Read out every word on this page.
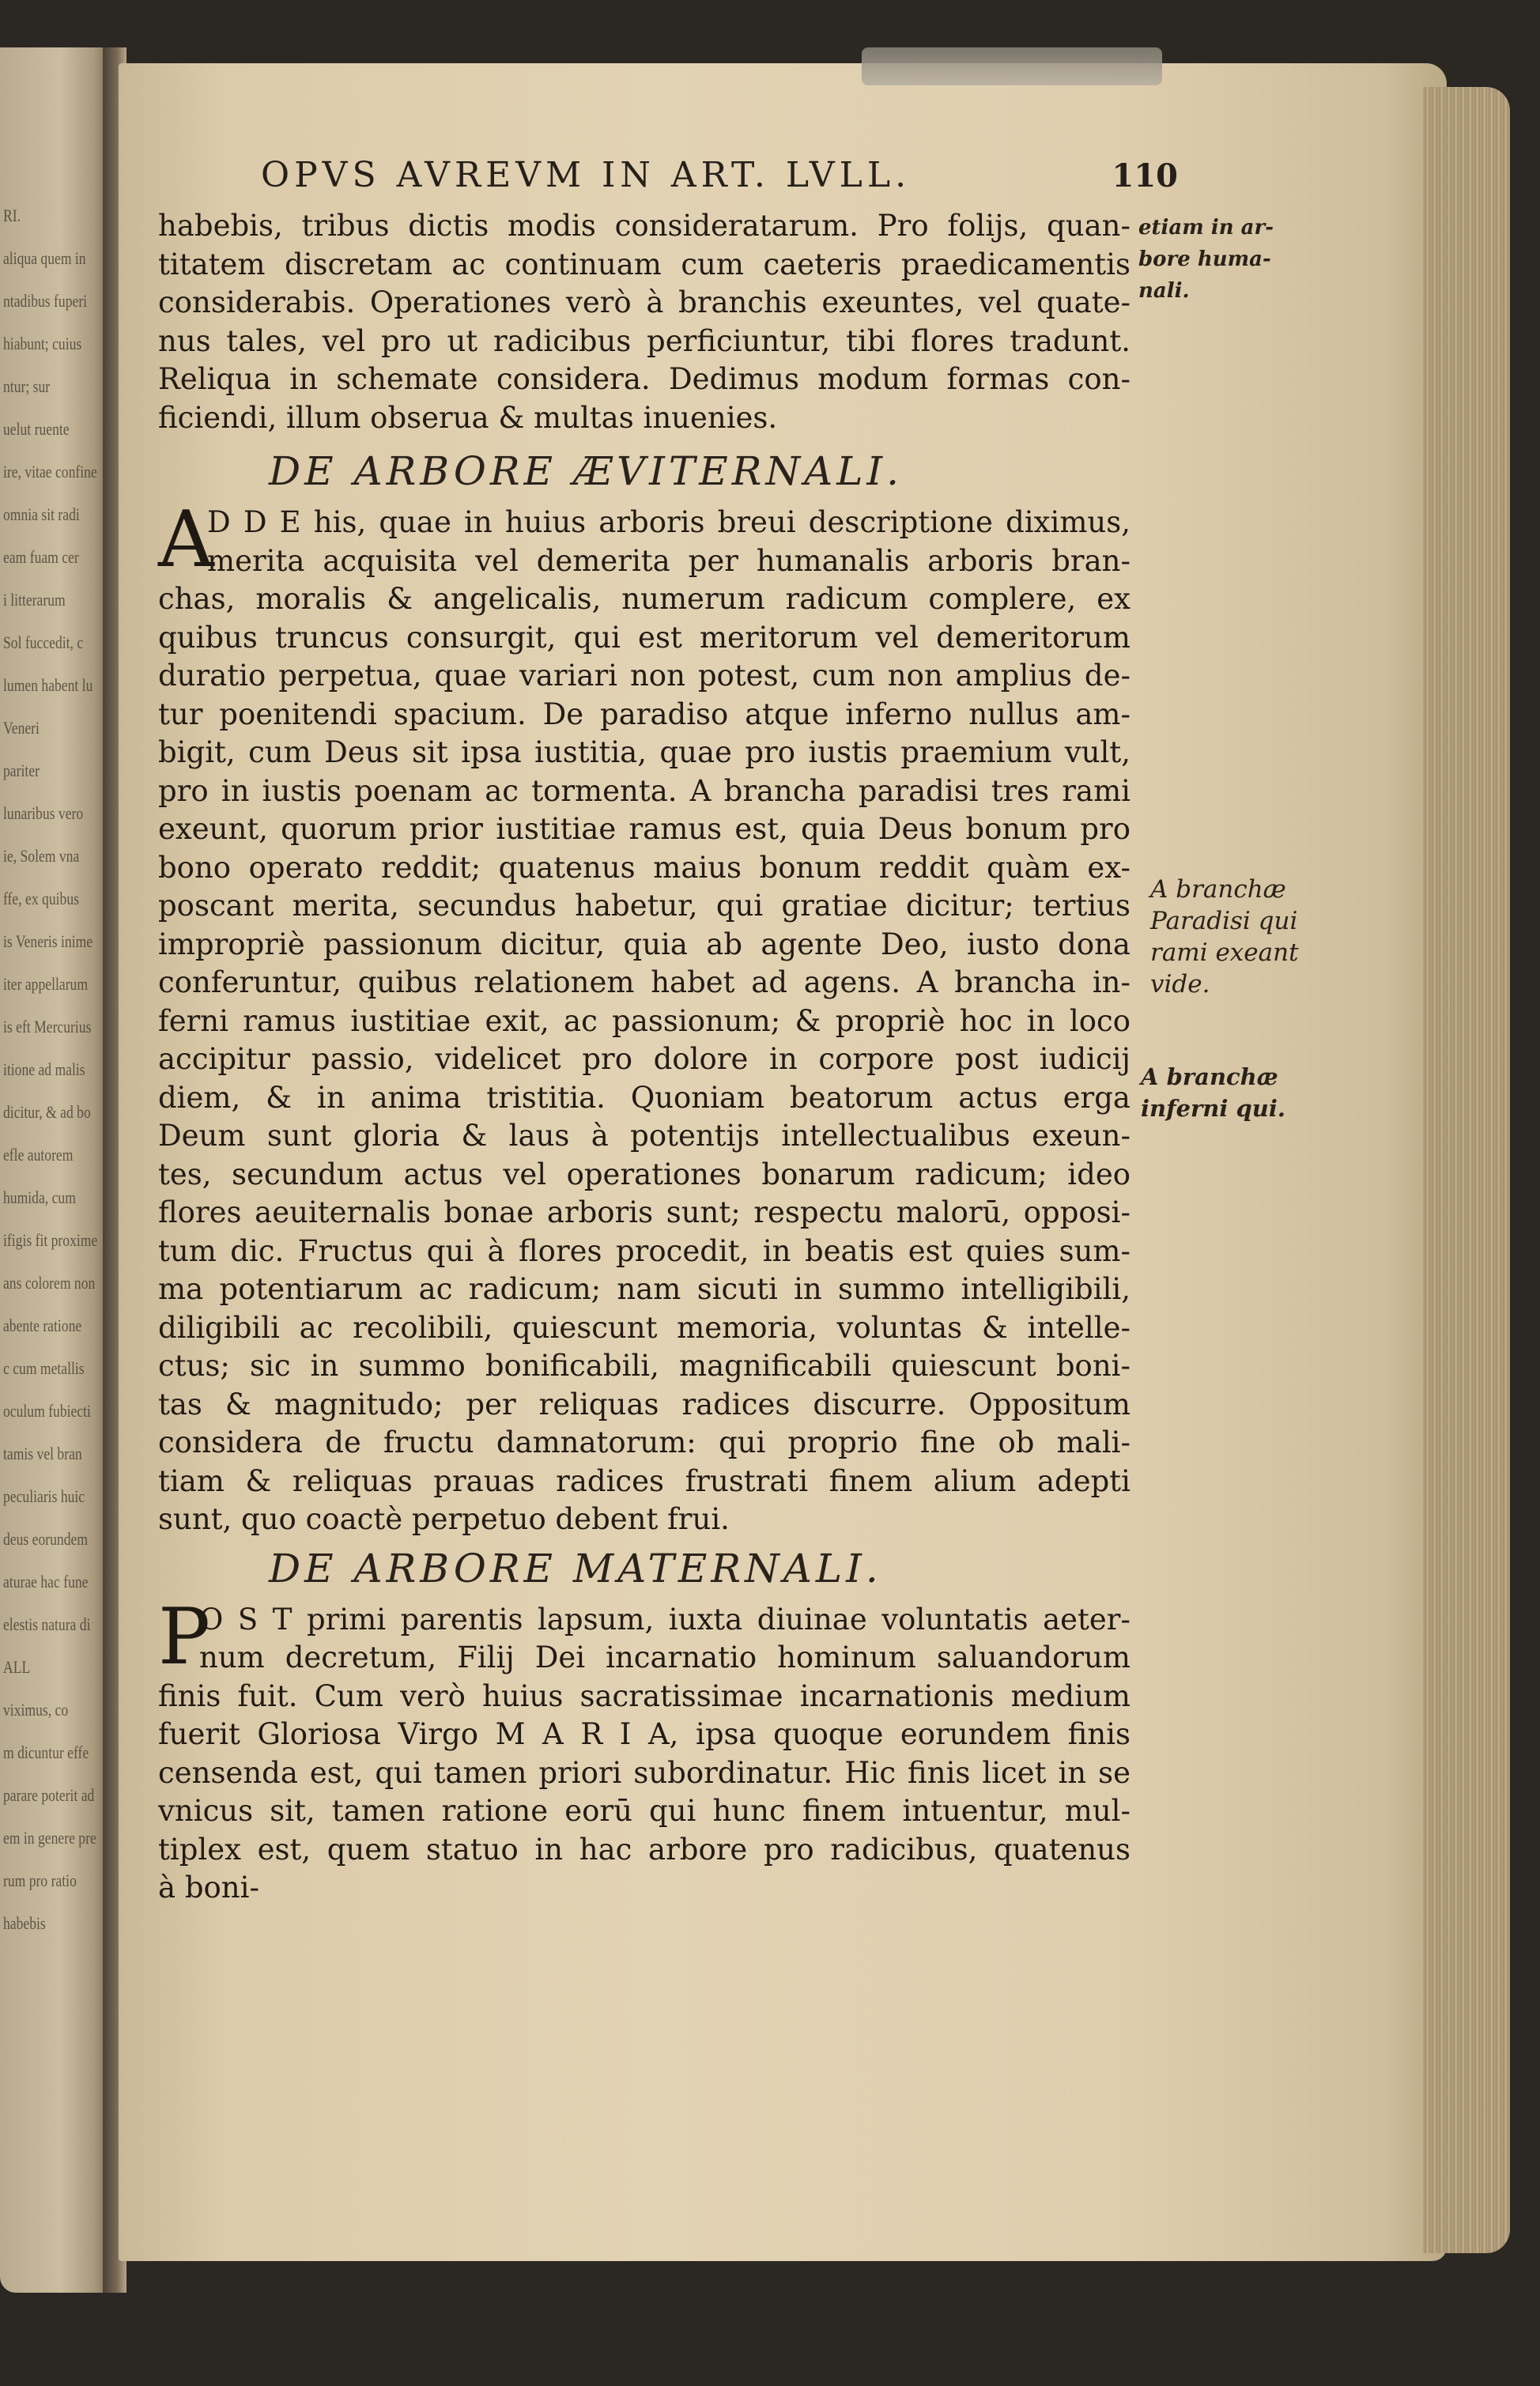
RI.
aliqua quem in
ntadibus fuperi
hiabunt; cuius
ntur; sur
uelut ruente
ire, vitae confine
omnia sit radi
eam fuam cer
i litterarum
Sol fuccedit, c
lumen habent lu
Veneri
pariter
lunaribus vero
ie, Solem vna
ffe, ex quibus
is Veneris inime
iter appellarum
is eft Mercurius
itione ad malis
dicitur, & ad bo
efle autorem
humida, cum
ifigis fit proxime
ans colorem non
abente ratione
c cum metallis
oculum fubiecti
tamis vel bran
peculiaris huic
deus eorundem
aturae hac fune
elestis natura di
ALL
viximus, co
m dicuntur effe
parare poterit ad
em in genere pre
rum pro ratio
habebis
OPVS AVREVM IN ART. LVLL.	110
habebis, tribus dictis modis consideratarum. Pro folijs, quan-
titatem discretam ac continuam cum caeteris praedicamentis
considerabis. Operationes verò à branchis exeuntes, vel quate-
nus tales, vel pro ut radicibus perficiuntur, tibi flores tradunt.
Reliqua in schemate considera. Dedimus modum formas con-
ficiendi, illum obserua & multas inuenies.
DE ARBORE ÆVITERNALI.
A
D D E his, quae in huius arboris breui descriptione diximus,
merita acquisita vel demerita per humanalis arboris bran-
chas, moralis & angelicalis, numerum radicum complere, ex
quibus truncus consurgit, qui est meritorum vel demeritorum
duratio perpetua, quae variari non potest, cum non amplius de-
tur poenitendi spacium. De paradiso atque inferno nullus am-
bigit, cum Deus sit ipsa iustitia, quae pro iustis praemium vult,
pro in iustis poenam ac tormenta. A brancha paradisi tres rami
exeunt, quorum prior iustitiae ramus est, quia Deus bonum pro
bono operato reddit; quatenus maius bonum reddit quàm ex-
poscant merita, secundus habetur, qui gratiae dicitur; tertius
impropriè passionum dicitur, quia ab agente Deo, iusto dona
conferuntur, quibus relationem habet ad agens. A brancha in-
ferni ramus iustitiae exit, ac passionum; & propriè hoc in loco
accipitur passio, videlicet pro dolore in corpore post iudicij
diem, & in anima tristitia. Quoniam beatorum actus erga
Deum sunt gloria & laus à potentijs intellectualibus exeun-
tes, secundum actus vel operationes bonarum radicum; ideo
flores aeuiternalis bonae arboris sunt; respectu malorū, opposi-
tum dic. Fructus qui à flores procedit, in beatis est quies sum-
ma potentiarum ac radicum; nam sicuti in summo intelligibili,
diligibili ac recolibili, quiescunt memoria, voluntas & intelle-
ctus; sic in summo bonificabili, magnificabili quiescunt boni-
tas & magnitudo; per reliquas radices discurre. Oppositum
considera de fructu damnatorum: qui proprio fine ob mali-
tiam & reliquas prauas radices frustrati finem alium adepti
sunt, quo coactè perpetuo debent frui.
DE ARBORE MATERNALI.
P
O S T primi parentis lapsum, iuxta diuinae voluntatis aeter-
num decretum, Filij Dei incarnatio hominum saluandorum
finis fuit. Cum verò huius sacratissimae incarnationis medium
fuerit Gloriosa Virgo M A R I A, ipsa quoque eorundem finis
censenda est, qui tamen priori subordinatur. Hic finis licet in se
vnicus sit, tamen ratione eorū qui hunc finem intuentur, mul-
tiplex est, quem statuo in hac arbore pro radicibus, quatenus
à boni-
etiam in ar-
bore huma-
nali.
A branchæ
Paradisi qui
rami exeant
vide.
A branchæ
inferni qui.
